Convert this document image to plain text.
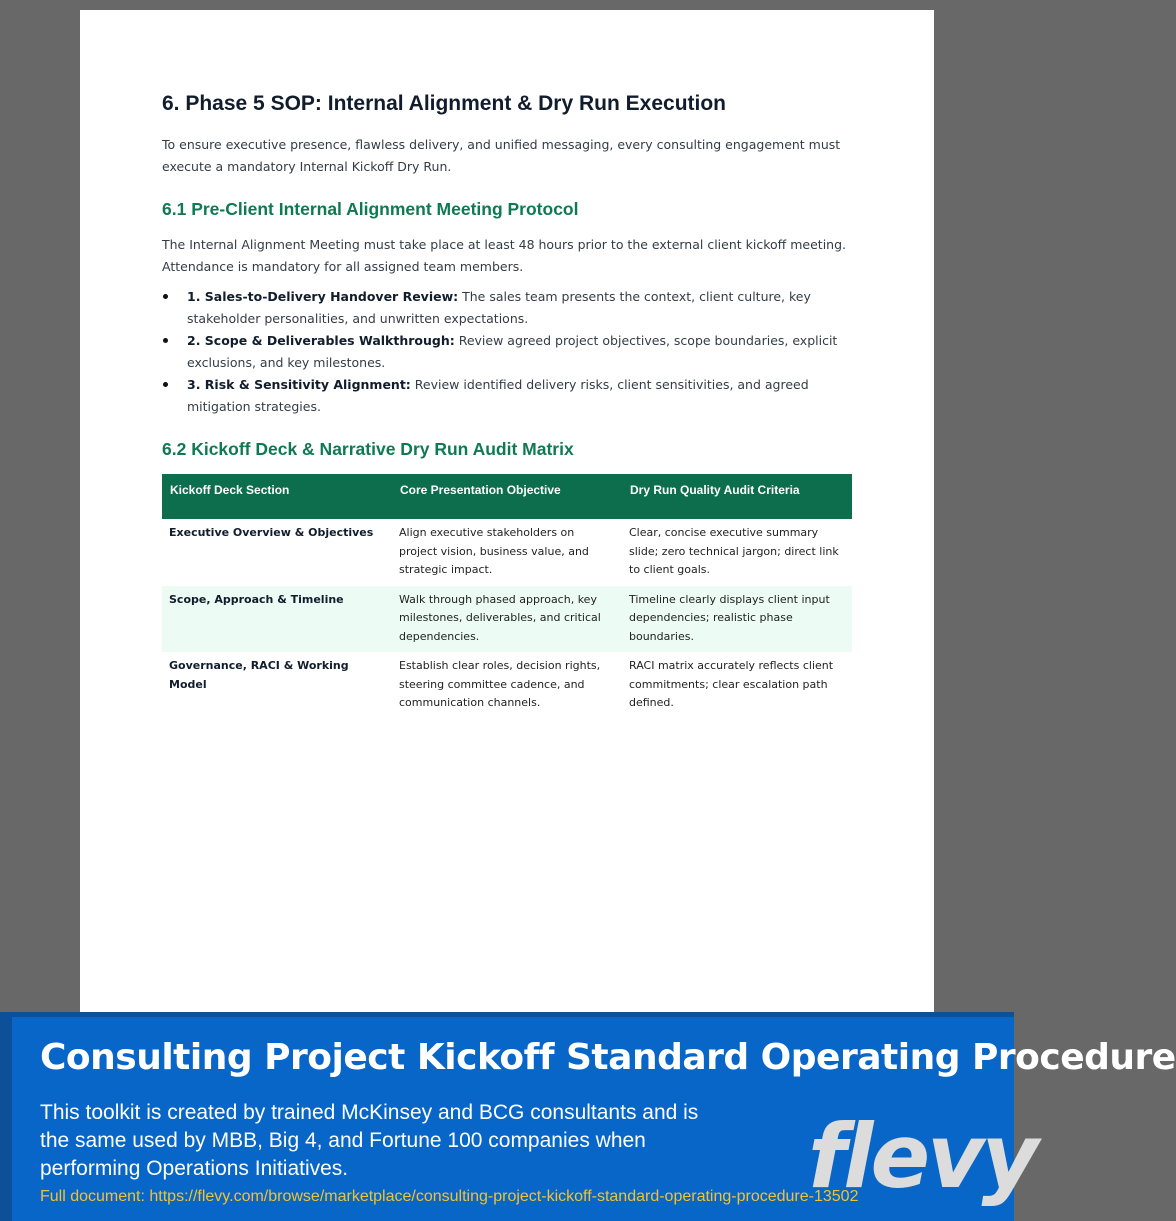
6. Phase 5 SOP: Internal Alignment & Dry Run Execution

To ensure executive presence, flawless delivery, and unified messaging, every consulting engagement must execute a mandatory Internal Kickoff Dry Run.

6.1 Pre-Client Internal Alignment Meeting Protocol

The Internal Alignment Meeting must take place at least 48 hours prior to the external client kickoff meeting. Attendance is mandatory for all assigned team members.

1. Sales-to-Delivery Handover Review: The sales team presents the context, client culture, key stakeholder personalities, and unwritten expectations.
2. Scope & Deliverables Walkthrough: Review agreed project objectives, scope boundaries, explicit exclusions, and key milestones.
3. Risk & Sensitivity Alignment: Review identified delivery risks, client sensitivities, and agreed mitigation strategies.
6.2 Kickoff Deck & Narrative Dry Run Audit Matrix
Kickoff Deck Section	Core Presentation Objective	Dry Run Quality Audit Criteria
Executive Overview & Objectives	Align executive stakeholders on project vision, business value, and strategic impact.	Clear, concise executive summary slide; zero technical jargon; direct link to client goals.
Scope, Approach & Timeline	Walk through phased approach, key milestones, deliverables, and critical dependencies.	Timeline clearly displays client input dependencies; realistic phase boundaries.
Governance, RACI & Working Model	Establish clear roles, decision rights, steering committee cadence, and communication channels.	RACI matrix accurately reflects client commitments; clear escalation path defined.
Consulting Project Kickoff Standard Operating Procedure
This toolkit is created by trained McKinsey and BCG consultants and is the same used by MBB, Big 4, and Fortune 100 companies when performing Operations Initiatives.
Full document: https://flevy.com/browse/marketplace/consulting-project-kickoff-standard-operating-procedure-13502
flevy
